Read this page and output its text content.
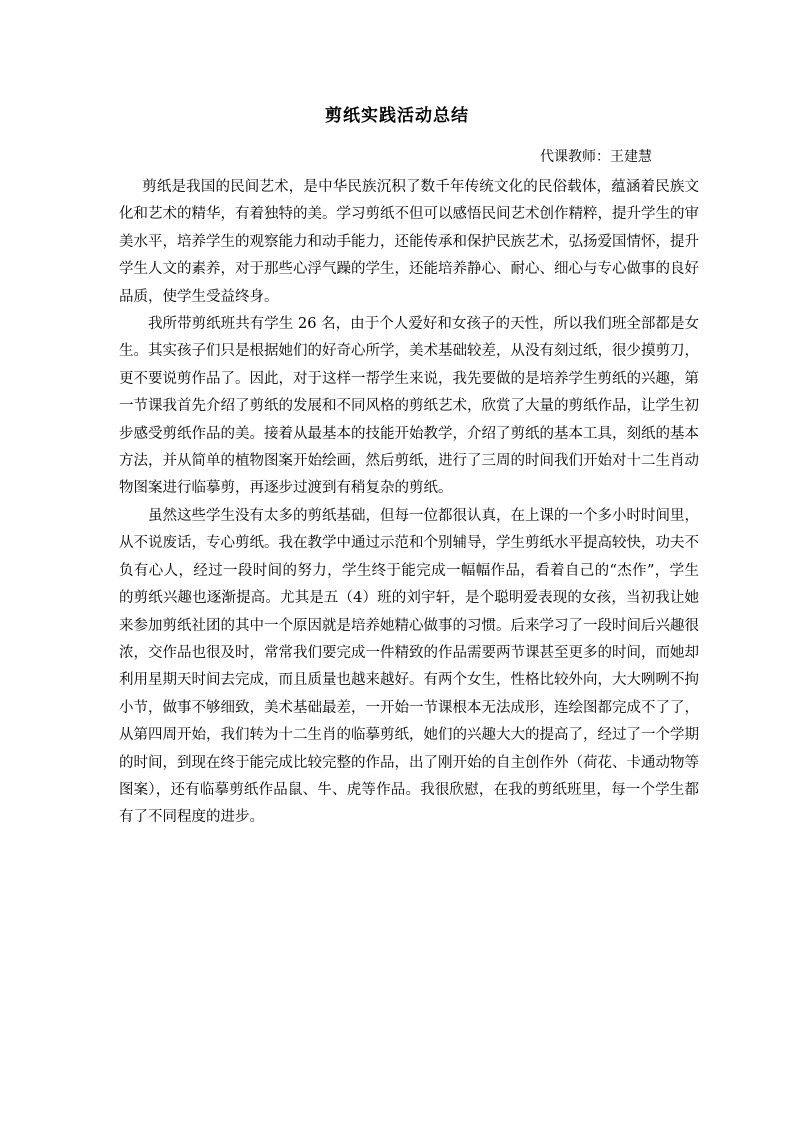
剪纸实践活动总结
代课教师：王建慧

剪纸是我国的民间艺术，是中华民族沉积了数千年传统文化的民俗载体，蕴涵着民族文化和艺术的精华，有着独特的美。学习剪纸不但可以感悟民间艺术创作精粹，提升学生的审美水平，培养学生的观察能力和动手能力，还能传承和保护民族艺术，弘扬爱国情怀，提升学生人文的素养，对于那些心浮气躁的学生，还能培养静心、耐心、细心与专心做事的良好品质，使学生受益终身。

我所带剪纸班共有学生 26 名，由于个人爱好和女孩子的天性，所以我们班全部都是女生。其实孩子们只是根据她们的好奇心所学，美术基础较差，从没有刻过纸，很少摸剪刀，更不要说剪作品了。因此，对于这样一帮学生来说，我先要做的是培养学生剪纸的兴趣，第一节课我首先介绍了剪纸的发展和不同风格的剪纸艺术，欣赏了大量的剪纸作品，让学生初步感受剪纸作品的美。接着从最基本的技能开始教学，介绍了剪纸的基本工具，刻纸的基本方法，并从简单的植物图案开始绘画，然后剪纸，进行了三周的时间我们开始对十二生肖动物图案进行临摹剪，再逐步过渡到有稍复杂的剪纸。

虽然这些学生没有太多的剪纸基础，但每一位都很认真，在上课的一个多小时时间里，从不说废话，专心剪纸。我在教学中通过示范和个别辅导，学生剪纸水平提高较快，功夫不负有心人，经过一段时间的努力，学生终于能完成一幅幅作品，看着自己的“杰作”，学生的剪纸兴趣也逐渐提高。尤其是五（4）班的刘宇轩，是个聪明爱表现的女孩，当初我让她来参加剪纸社团的其中一个原因就是培养她精心做事的习惯。后来学习了一段时间后兴趣很浓，交作品也很及时，常常我们要完成一件精致的作品需要两节课甚至更多的时间，而她却利用星期天时间去完成，而且质量也越来越好。有两个女生，性格比较外向，大大咧咧不拘小节，做事不够细致，美术基础最差，一开始一节课根本无法成形，连绘图都完成不了了，从第四周开始，我们转为十二生肖的临摹剪纸，她们的兴趣大大的提高了，经过了一个学期的时间，到现在终于能完成比较完整的作品，出了刚开始的自主创作外（荷花、卡通动物等图案），还有临摹剪纸作品鼠、牛、虎等作品。我很欣慰，在我的剪纸班里，每一个学生都有了不同程度的进步。
